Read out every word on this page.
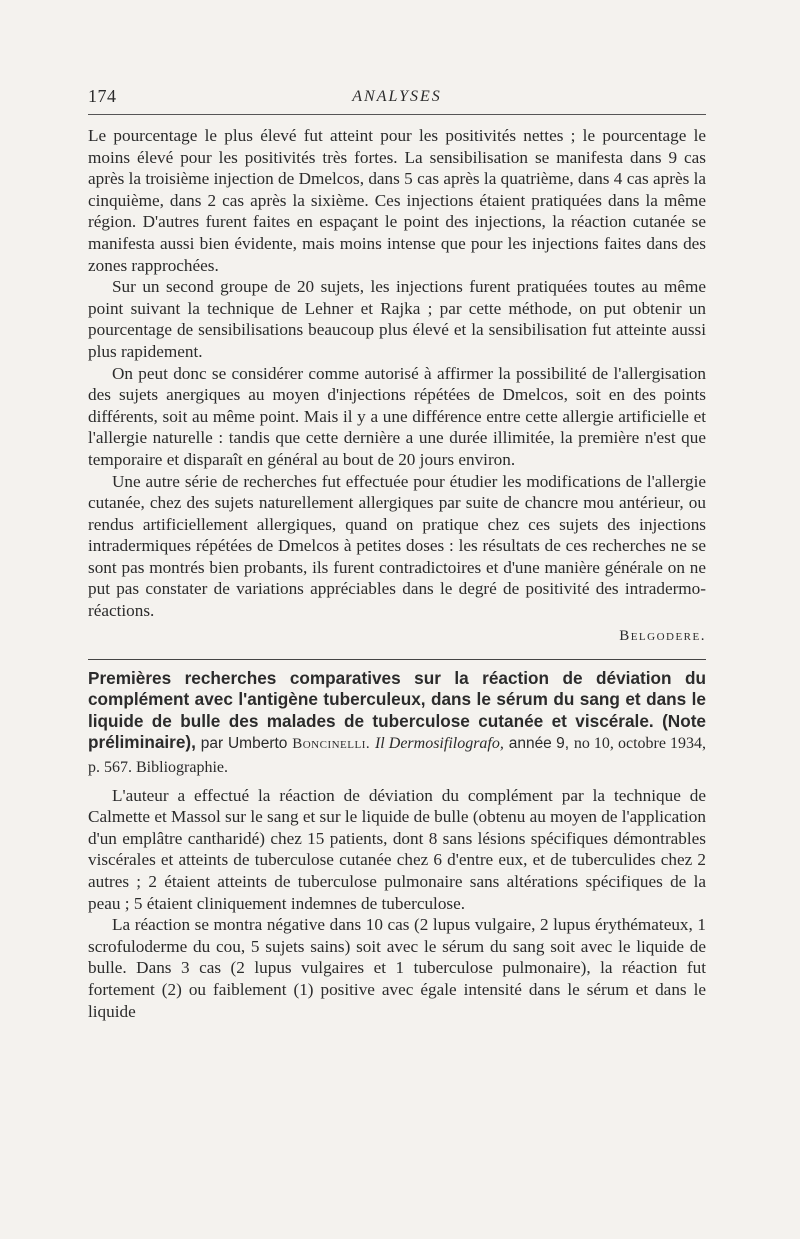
174	ANALYSES

Le pourcentage le plus élevé fut atteint pour les positivités nettes ; le pourcentage le moins élevé pour les positivités très fortes. La sensibilisation se manifesta dans 9 cas après la troisième injection de Dmelcos, dans 5 cas après la quatrième, dans 4 cas après la cinquième, dans 2 cas après la sixième. Ces injections étaient pratiquées dans la même région. D'autres furent faites en espaçant le point des injections, la réaction cutanée se manifesta aussi bien évidente, mais moins intense que pour les injections faites dans des zones rapprochées.

Sur un second groupe de 20 sujets, les injections furent pratiquées toutes au même point suivant la technique de Lehner et Rajka ; par cette méthode, on put obtenir un pourcentage de sensibilisations beaucoup plus élevé et la sensibilisation fut atteinte aussi plus rapidement.

On peut donc se considérer comme autorisé à affirmer la possibilité de l'allergisation des sujets anergiques au moyen d'injections répétées de Dmelcos, soit en des points différents, soit au même point. Mais il y a une différence entre cette allergie artificielle et l'allergie naturelle : tandis que cette dernière a une durée illimitée, la première n'est que temporaire et disparaît en général au bout de 20 jours environ.

Une autre série de recherches fut effectuée pour étudier les modifications de l'allergie cutanée, chez des sujets naturellement allergiques par suite de chancre mou antérieur, ou rendus artificiellement allergiques, quand on pratique chez ces sujets des injections intradermiques répétées de Dmelcos à petites doses : les résultats de ces recherches ne se sont pas montrés bien probants, ils furent contradictoires et d'une manière générale on ne put pas constater de variations appréciables dans le degré de positivité des intradermo-réactions.

Belgodere.

Premières recherches comparatives sur la réaction de déviation du complément avec l'antigène tuberculeux, dans le sérum du sang et dans le liquide de bulle des malades de tuberculose cutanée et viscérale. (Note préliminaire), par Umberto Boncinelli. Il Dermosifilografo, année 9, no 10, octobre 1934, p. 567. Bibliographie.

L'auteur a effectué la réaction de déviation du complément par la technique de Calmette et Massol sur le sang et sur le liquide de bulle (obtenu au moyen de l'application d'un emplâtre cantharidé) chez 15 patients, dont 8 sans lésions spécifiques démontrables viscérales et atteints de tuberculose cutanée chez 6 d'entre eux, et de tuberculides chez 2 autres ; 2 étaient atteints de tuberculose pulmonaire sans altérations spécifiques de la peau ; 5 étaient cliniquement indemnes de tuberculose.

La réaction se montra négative dans 10 cas (2 lupus vulgaire, 2 lupus érythémateux, 1 scrofuloderme du cou, 5 sujets sains) soit avec le sérum du sang soit avec le liquide de bulle. Dans 3 cas (2 lupus vulgaires et 1 tuberculose pulmonaire), la réaction fut fortement (2) ou faiblement (1) positive avec égale intensité dans le sérum et dans le liquide
